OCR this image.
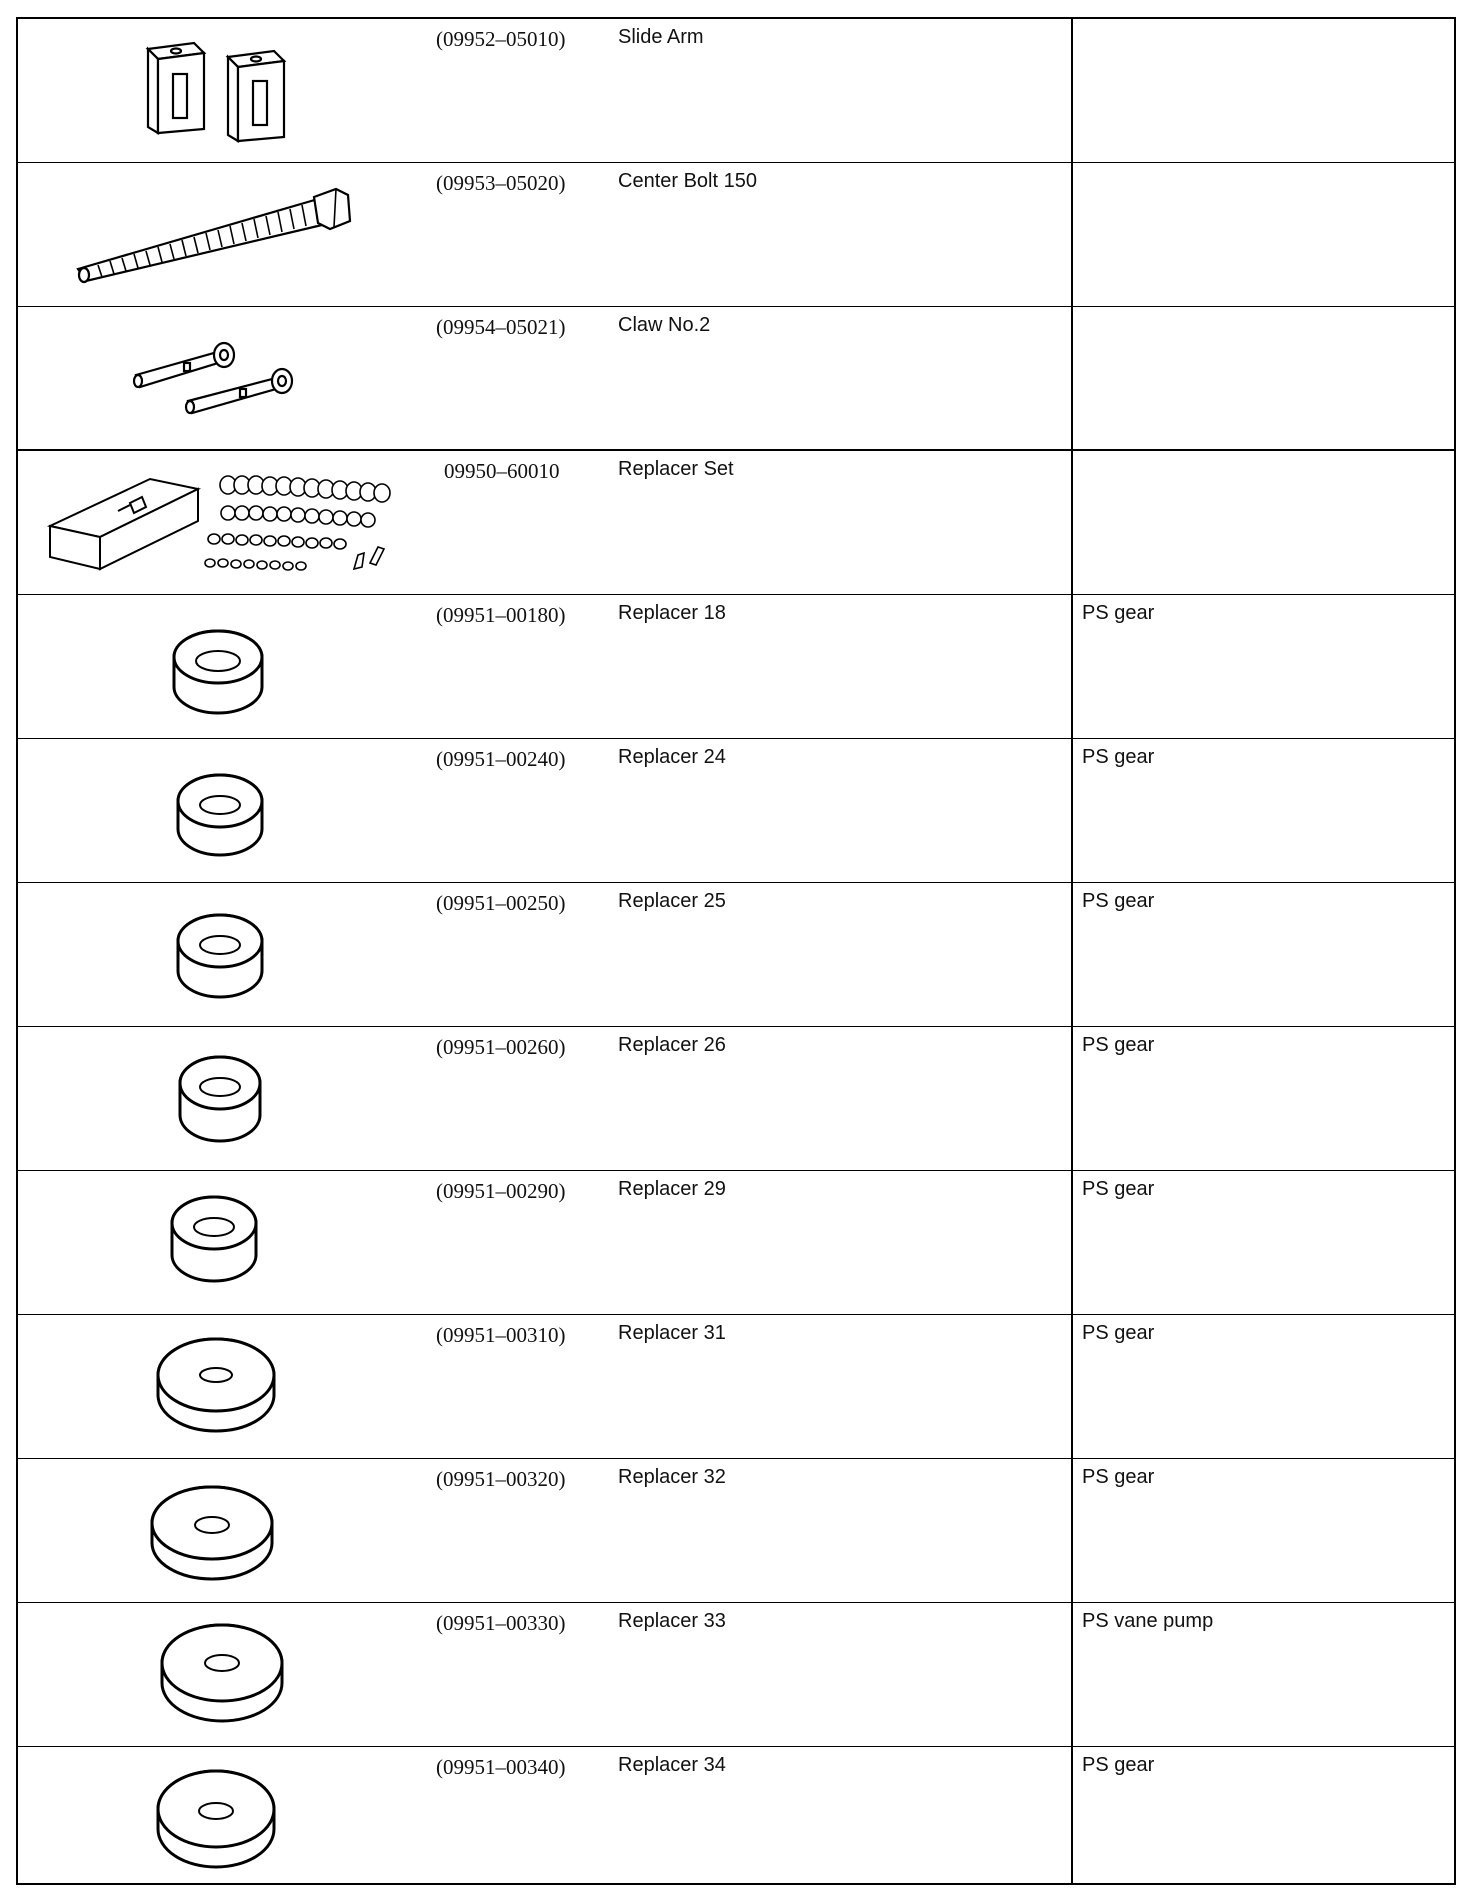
(09952–05010)	Slide Arm
(09953–05020)	Center Bolt 150
(09954–05021)	Claw No.2
09950–60010	Replacer Set
(09951–00180)	Replacer 18	PS gear
(09951–00240)	Replacer 24	PS gear
(09951–00250)	Replacer 25	PS gear
(09951–00260)	Replacer 26	PS gear
(09951–00290)	Replacer 29	PS gear
(09951–00310)	Replacer 31	PS gear
(09951–00320)	Replacer 32	PS gear
(09951–00330)	Replacer 33	PS vane pump
(09951–00340)	Replacer 34	PS gear
